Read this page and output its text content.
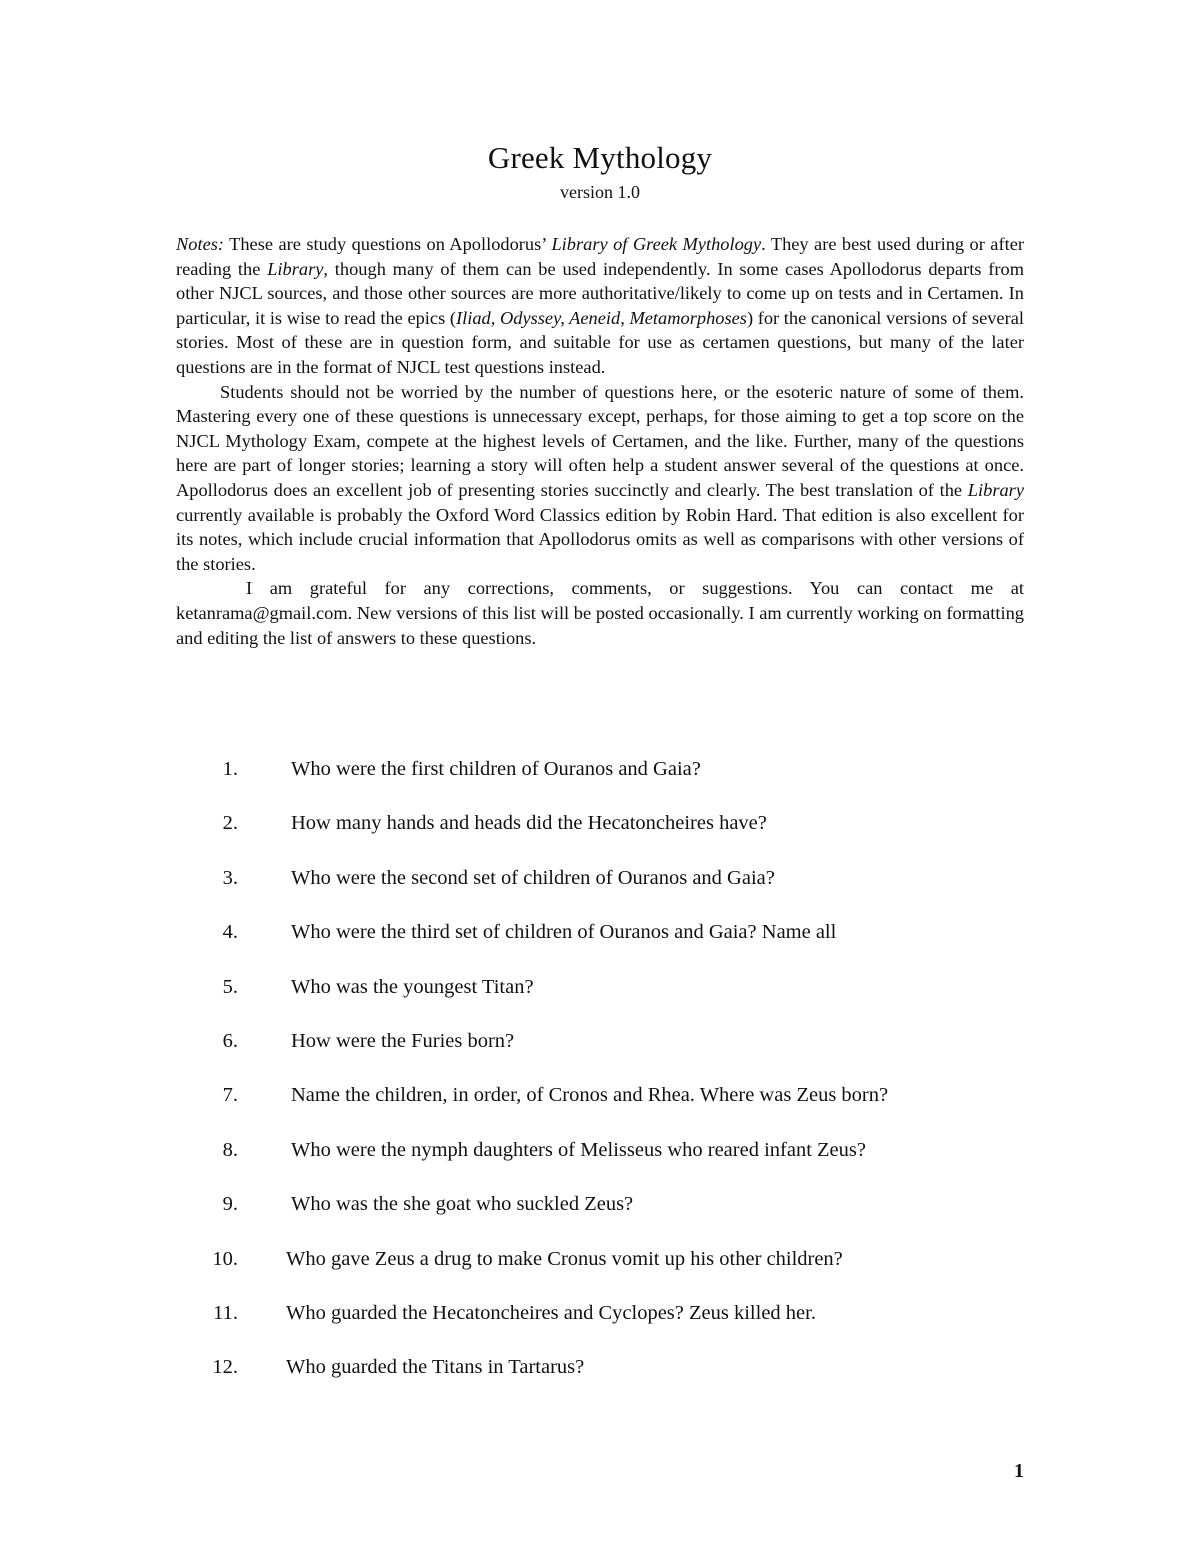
Greek Mythology
version 1.0

Notes: These are study questions on Apollodorus’ Library of Greek Mythology. They are best used during or after reading the Library, though many of them can be used independently. In some cases Apollodorus departs from other NJCL sources, and those other sources are more authoritative/likely to come up on tests and in Certamen. In particular, it is wise to read the epics (Iliad, Odyssey, Aeneid, Metamorphoses) for the canonical versions of several stories. Most of these are in question form, and suitable for use as certamen questions, but many of the later questions are in the format of NJCL test questions instead.

Students should not be worried by the number of questions here, or the esoteric nature of some of them. Mastering every one of these questions is unnecessary except, perhaps, for those aiming to get a top score on the NJCL Mythology Exam, compete at the highest levels of Certamen, and the like. Further, many of the questions here are part of longer stories; learning a story will often help a student answer several of the questions at once. Apollodorus does an excellent job of presenting stories succinctly and clearly. The best translation of the Library currently available is probably the Oxford Word Classics edition by Robin Hard. That edition is also excellent for its notes, which include crucial information that Apollodorus omits as well as comparisons with other versions of the stories.

I am grateful for any corrections, comments, or suggestions. You can contact me at ketanrama@gmail.com. New versions of this list will be posted occasionally. I am currently working on formatting and editing the list of answers to these questions.

1.	Who were the first children of Ouranos and Gaia?
2.	How many hands and heads did the Hecatoncheires have?
3.	Who were the second set of children of Ouranos and Gaia?
4.	Who were the third set of children of Ouranos and Gaia? Name all
5.	Who was the youngest Titan?
6.	How were the Furies born?
7.	Name the children, in order, of Cronos and Rhea. Where was Zeus born?
8.	Who were the nymph daughters of Melisseus who reared infant Zeus?
9.	Who was the she goat who suckled Zeus?
10. Who gave Zeus a drug to make Cronus vomit up his other children?
11. Who guarded the Hecatoncheires and Cyclopes? Zeus killed her.
12. Who guarded the Titans in Tartarus?
1
